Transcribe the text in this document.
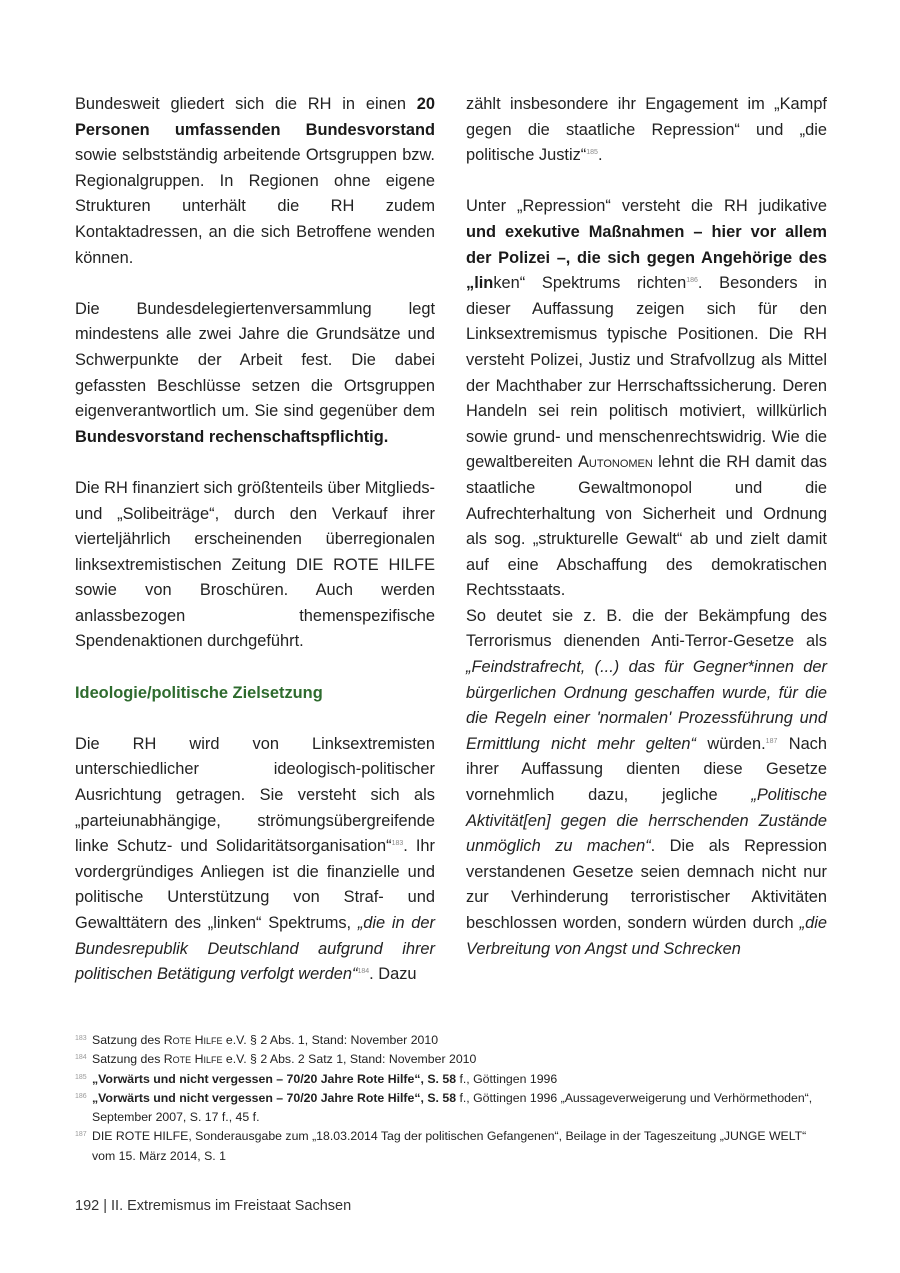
Bundesweit gliedert sich die RH in einen 20 Personen umfassenden Bundesvorstand sowie selbstständig arbeitende Ortsgruppen bzw. Regionalgruppen. In Regionen ohne eigene Strukturen unterhält die RH zudem Kontaktadressen, an die sich Betroffene wenden können.

Die Bundesdelegiertenversammlung legt mindestens alle zwei Jahre die Grundsätze und Schwerpunkte der Arbeit fest. Die dabei gefassten Beschlüsse setzen die Ortsgruppen eigenverantwortlich um. Sie sind gegenüber dem Bundesvorstand rechenschaftspflichtig.

Die RH finanziert sich größtenteils über Mitglieds- und „Solibeiträge“, durch den Verkauf ihrer vierteljährlich erscheinenden überregionalen linksextremistischen Zeitung DIE ROTE HILFE sowie von Broschüren. Auch werden anlassbezogen themenspezifische Spendenaktionen durchgeführt.

Ideologie/politische Zielsetzung

Die RH wird von Linksextremisten unterschiedlicher ideologisch-politischer Ausrichtung getragen. Sie versteht sich als „parteiunabhängige, strömungsübergreifende linke Schutz- und Solidaritätsorganisation“$^{183}$. Ihr vordergründiges Anliegen ist die finanzielle und politische Unterstützung von Straf- und Gewalttätern des „linken“ Spektrums, „die in der Bundesrepublik Deutschland aufgrund ihrer politischen Betätigung verfolgt werden“$^{184}$. Dazu

zählt insbesondere ihr Engagement im „Kampf gegen die staatliche Repression“ und „die politische Justiz“$^{185}$.

Unter „Repression“ versteht die RH judikative und exekutive Maßnahmen – hier vor allem der Polizei –, die sich gegen Angehörige des „linken“ Spektrums richten$^{186}$. Besonders in dieser Auffassung zeigen sich für den Linksextremismus typische Positionen. Die RH versteht Polizei, Justiz und Strafvollzug als Mittel der Machthaber zur Herrschaftssicherung. Deren Handeln sei rein politisch motiviert, willkürlich sowie grund- und menschenrechtswidrig. Wie die gewaltbereiten Autonomen lehnt die RH damit das staatliche Gewaltmonopol und die Aufrechterhaltung von Sicherheit und Ordnung als sog. „strukturelle Gewalt“ ab und zielt damit auf eine Abschaffung des demokratischen Rechtsstaats.

So deutet sie z. B. die der Bekämpfung des Terrorismus dienenden Anti-Terror-Gesetze als „Feindstrafrecht, (...) das für Gegner*innen der bürgerlichen Ordnung geschaffen wurde, für die die Regeln einer 'normalen' Prozessführung und Ermittlung nicht mehr gelten“ würden.$^{187}$ Nach ihrer Auffassung dienten diese Gesetze vornehmlich dazu, jegliche „Politische Aktivität[en] gegen die herrschenden Zustände unmöglich zu machen“. Die als Repression verstandenen Gesetze seien demnach nicht nur zur Verhinderung terroristischer Aktivitäten beschlossen worden, sondern würden durch „die Verbreitung von Angst und Schrecken

183 Satzung des Rote Hilfe e.V. § 2 Abs. 1, Stand: November 2010

184 Satzung des Rote Hilfe e.V. § 2 Abs. 2 Satz 1, Stand: November 2010

185 „Vorwärts und nicht vergessen – 70/20 Jahre Rote Hilfe“, S. 58 f., Göttingen 1996

186 „Vorwärts und nicht vergessen – 70/20 Jahre Rote Hilfe“, S. 58 f., Göttingen 1996 „Aussageverweigerung und Verhörmethoden“, September 2007, S. 17 f., 45 f.

187 DIE ROTE HILFE, Sonderausgabe zum „18.03.2014 Tag der politischen Gefangenen“, Beilage in der Tageszeitung „JUNGE WELT“ vom 15. März 2014, S. 1

192 | II. Extremismus im Freistaat Sachsen
